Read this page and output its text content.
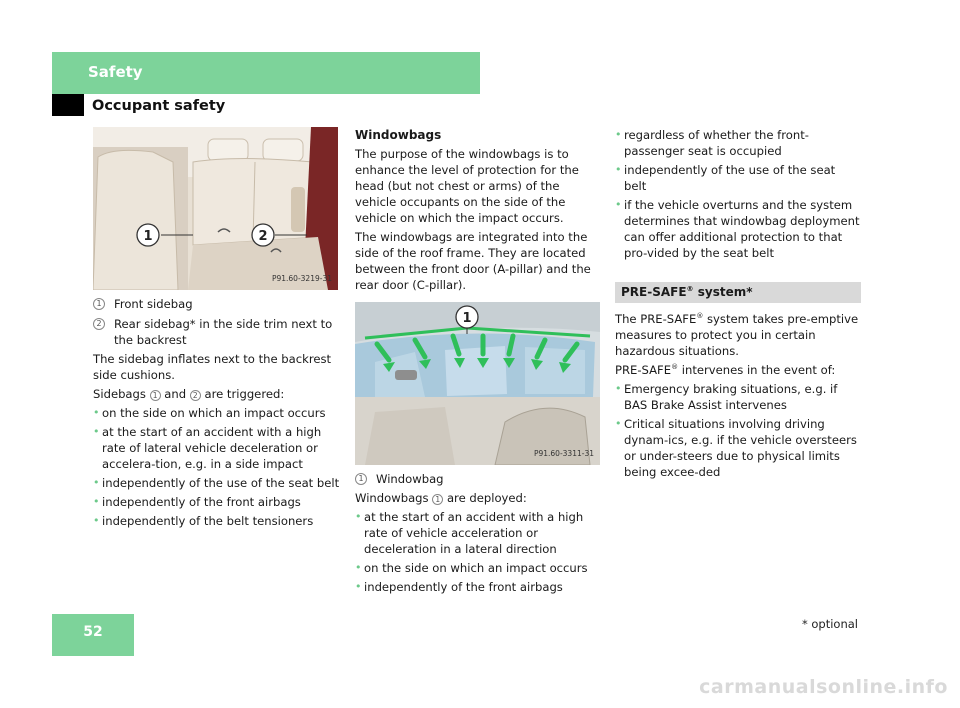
Safety
Occupant safety
1	2
P91.60-3219-31
1 Front sidebag
2 Rear sidebag* in the side trim next to the backrest

The sidebag inflates next to the backrest side cushions.

Sidebags 1 and 2 are triggered:

• on the side on which an impact occurs
• at the start of an accident with a high rate of lateral vehicle deceleration or accelera-tion, e.g. in a side impact
• independently of the use of the seat belt
• independently of the front airbags
• independently of the belt tensioners
Windowbags

The purpose of the windowbags is to enhance the level of protection for the head (but not chest or arms) of the vehicle occupants on the side of the vehicle on which the impact occurs.

The windowbags are integrated into the side of the roof frame. They are located between the front door (A-pillar) and the rear door (C-pillar).

1
P91.60-3311-31
1 Windowbag

Windowbags 1 are deployed:

• at the start of an accident with a high rate of vehicle acceleration or deceleration in a lateral direction
• on the side on which an impact occurs
• independently of the front airbags
• regardless of whether the front-passenger seat is occupied
• independently of the use of the seat belt
• if the vehicle overturns and the system determines that windowbag deployment can offer additional protection to that pro-vided by the seat belt
PRE-SAFE® system*

The PRE-SAFE® system takes pre-emptive measures to protect you in certain hazardous situations.

PRE-SAFE® intervenes in the event of:

• Emergency braking situations, e.g. if BAS Brake Assist intervenes
• Critical situations involving driving dynam-ics, e.g. if the vehicle oversteers or under-steers due to physical limits being excee-ded
52	* optional
carmanualsonline.info
